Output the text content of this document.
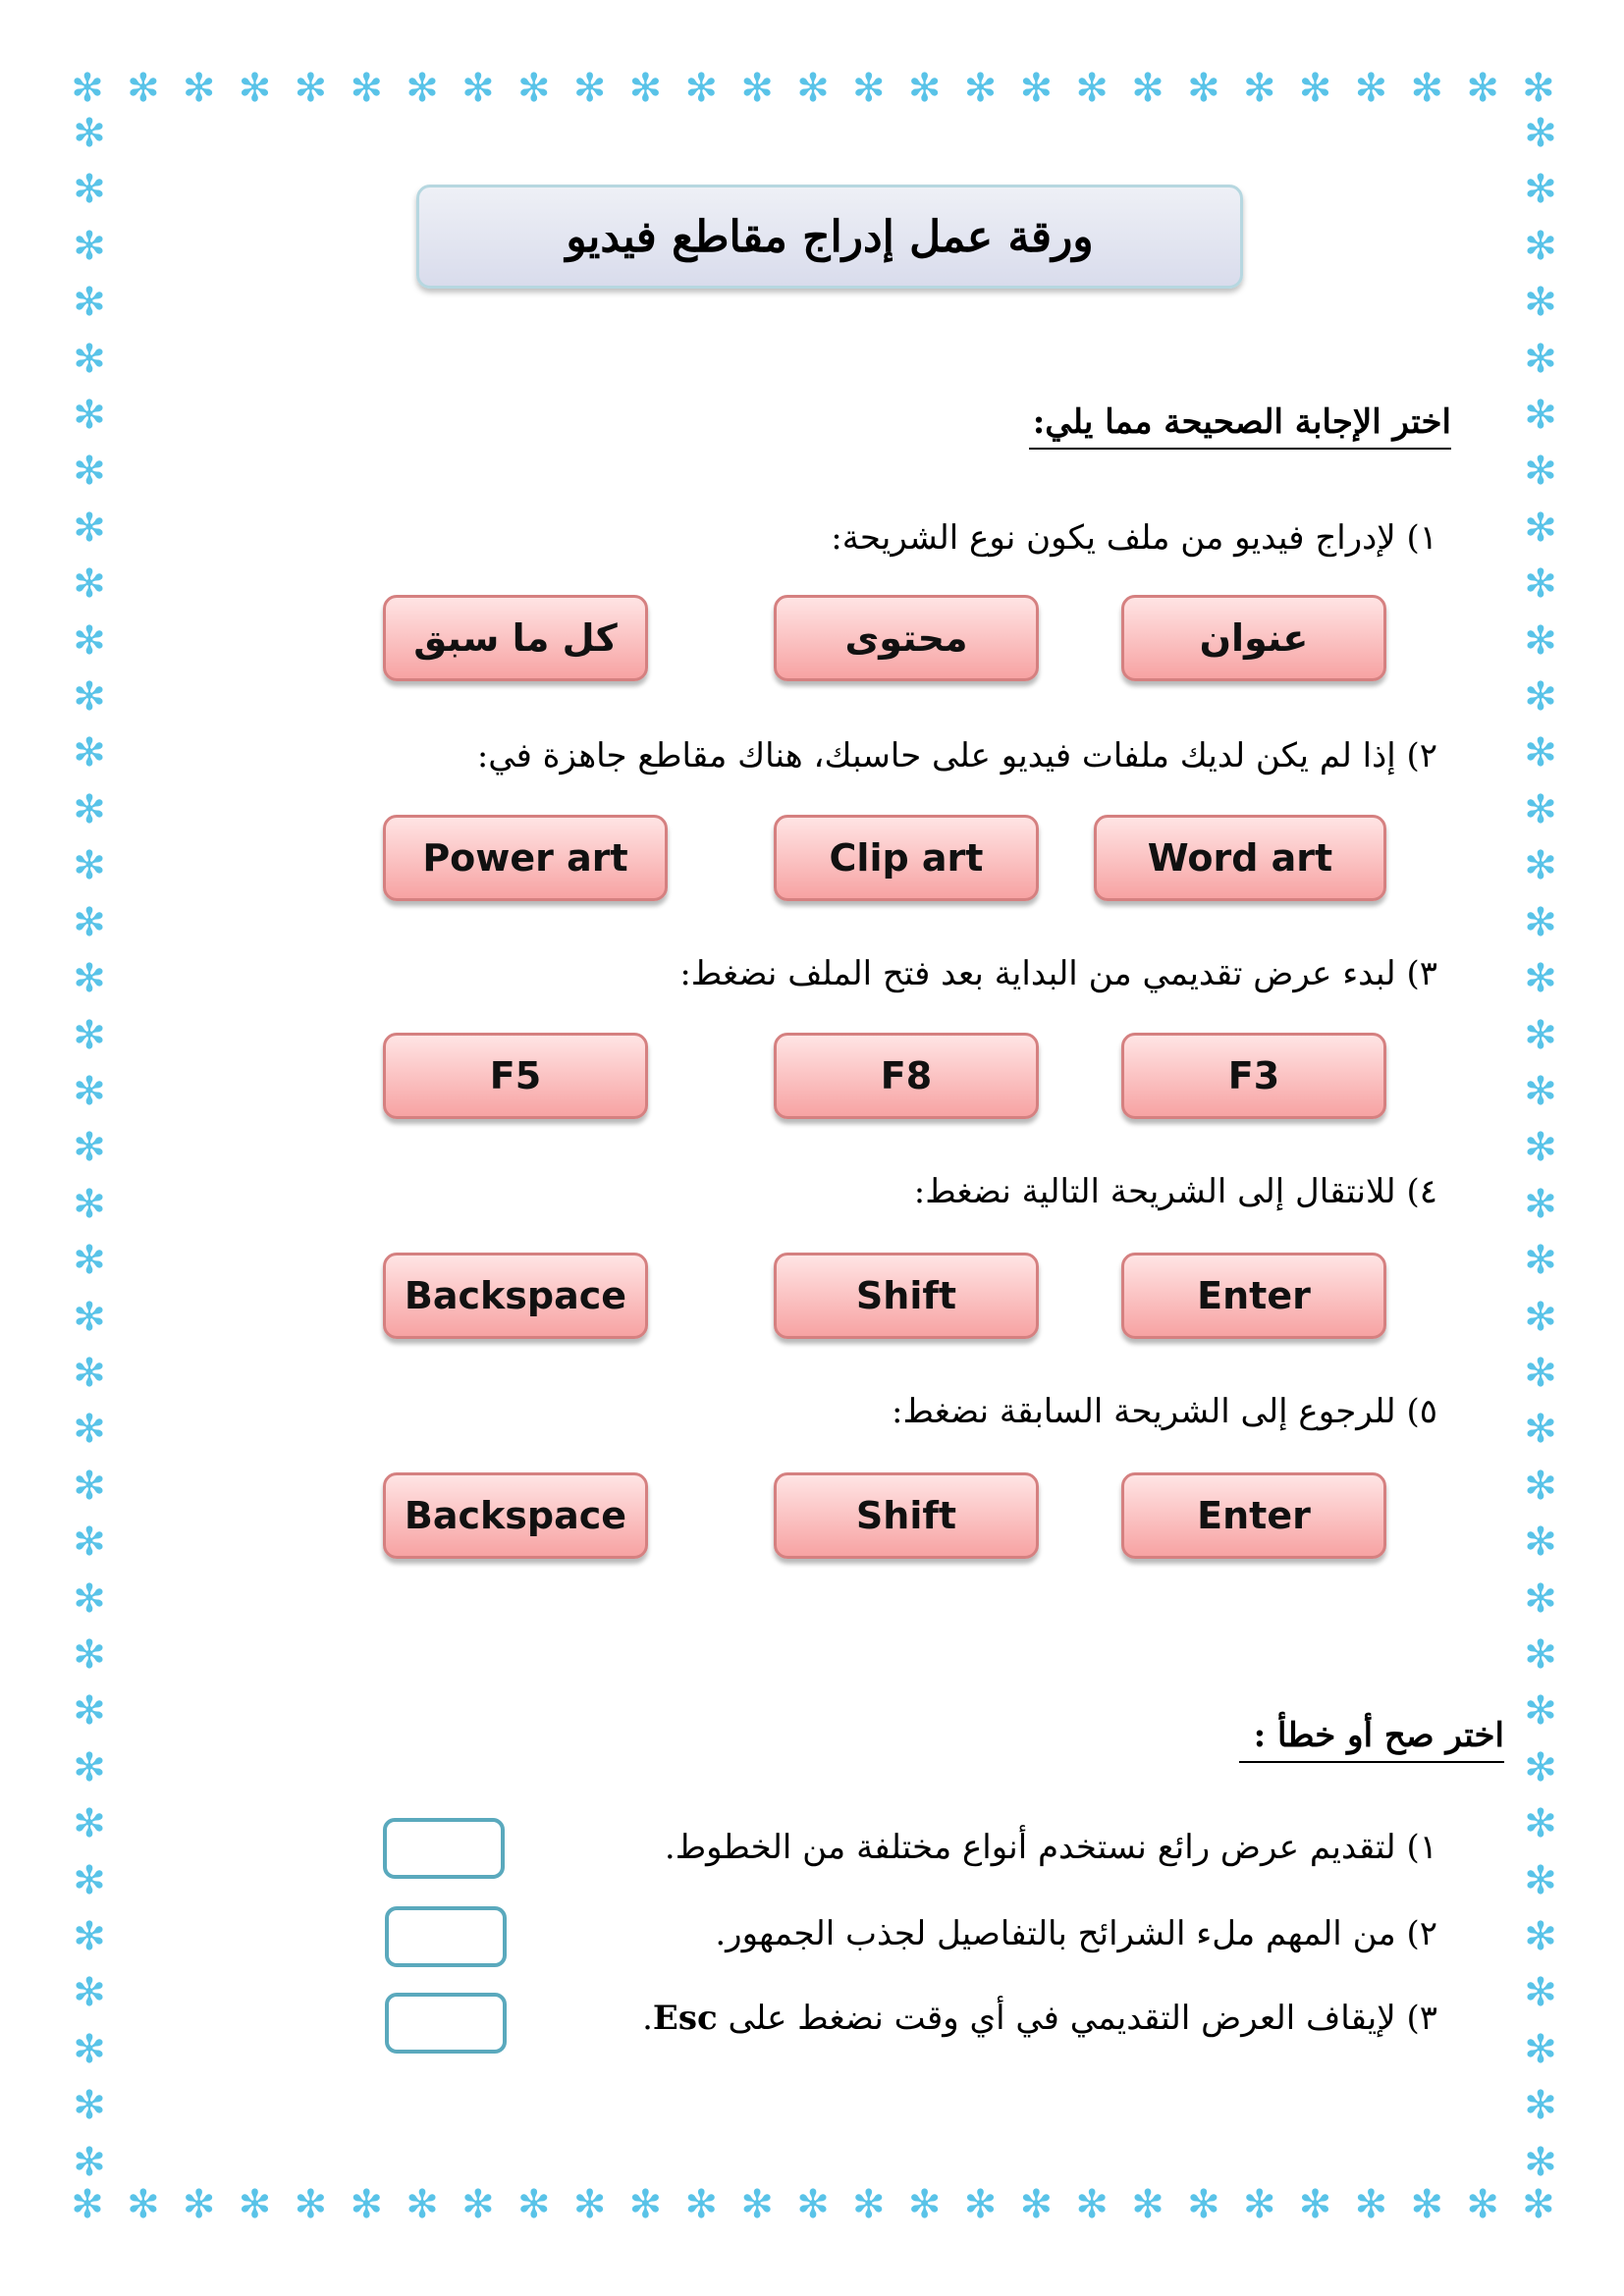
✻ ✻ ✻ ✻ ✻ ✻ ✻ ✻ ✻ ✻ ✻ ✻ ✻ ✻ ✻ ✻ ✻ ✻ ✻ ✻ ✻ ✻ ✻ ✻ ✻ ✻ ✻
✻ ✻ ✻ ✻ ✻ ✻ ✻ ✻ ✻ ✻ ✻ ✻ ✻ ✻ ✻ ✻ ✻ ✻ ✻ ✻ ✻ ✻ ✻ ✻ ✻ ✻ ✻
✻
✻
✻
✻
✻
✻
✻
✻
✻
✻
✻
✻
✻
✻
✻
✻
✻
✻
✻
✻
✻
✻
✻
✻
✻
✻
✻
✻
✻
✻
✻
✻
✻
✻
✻
✻
✻
✻
✻
✻
✻
✻
✻
✻
✻
✻
✻
✻
✻
✻
✻
✻
✻
✻
✻
✻
✻
✻
✻
✻
✻
✻
✻
✻
✻
✻
✻
✻
✻
✻
✻
✻
✻
✻
ورقة عمل إدراج مقاطع فيديو
اختر الإجابة الصحيحة مما يلي:
١) لإدراج فيديو من ملف يكون نوع الشريحة:
عنوان
محتوى
كل ما سبق
٢) إذا لم يكن لديك ملفات فيديو على حاسبك، هناك مقاطع جاهزة في:
Word art
Clip art
Power art
٣) لبدء عرض تقديمي من البداية بعد فتح الملف نضغط:
F3
F8
F5
٤) للانتقال إلى الشريحة التالية نضغط:
Enter
Shift
Backspace
٥) للرجوع إلى الشريحة السابقة نضغط:
Enter
Shift
Backspace
اختر صح أو خطأ :
١) لتقديم عرض رائع نستخدم أنواع مختلفة من الخطوط.
٢) من المهم ملء الشرائح بالتفاصيل لجذب الجمهور.
٣) لإيقاف العرض التقديمي في أي وقت نضغط على Esc.
